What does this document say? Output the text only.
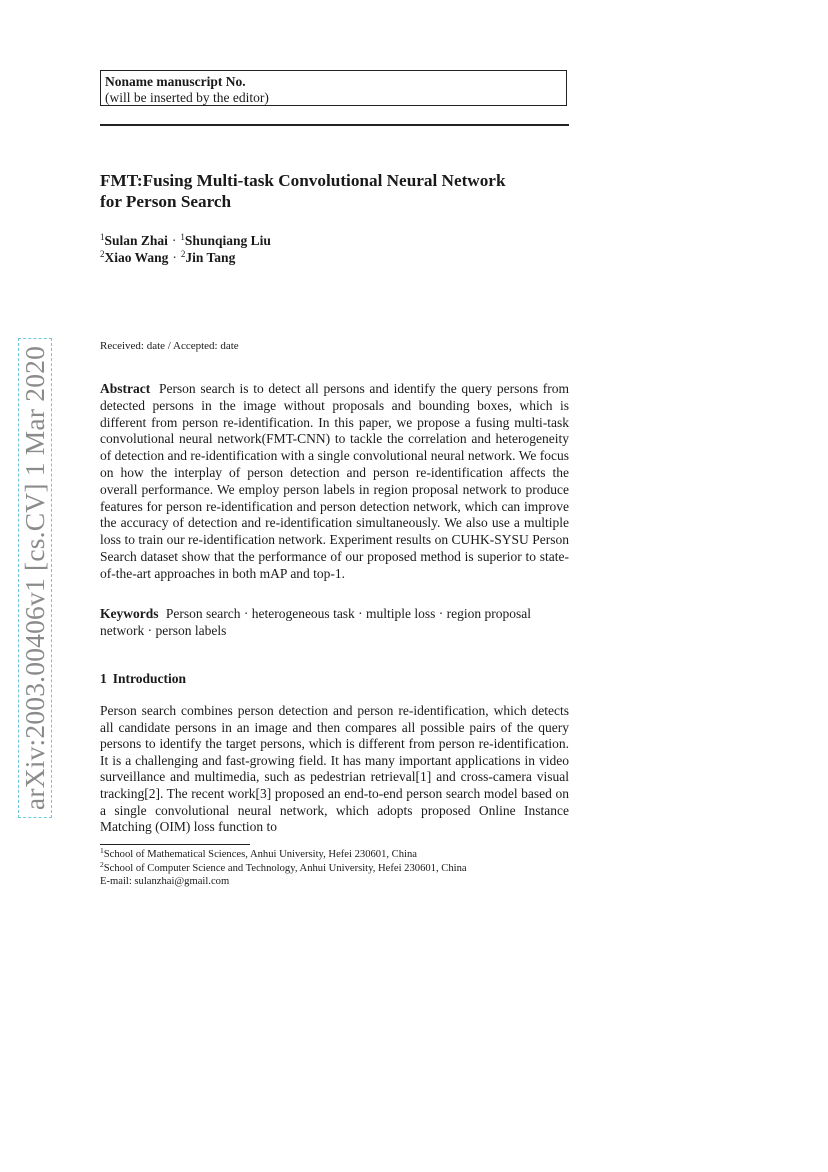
arXiv:2003.00406v1 [cs.CV] 1 Mar 2020
Noname manuscript No.
(will be inserted by the editor)
FMT:Fusing Multi-task Convolutional Neural Network
for Person Search
$^1$Sulan Zhai · $^1$Shunqiang Liu
$^2$Xiao Wang · $^2$Jin Tang
Received: date / Accepted: date
Abstract Person search is to detect all persons and identify the query persons from detected persons in the image without proposals and bounding boxes, which is different from person re-identification. In this paper, we propose a fusing multi-task convolutional neural network(FMT-CNN) to tackle the correlation and heterogeneity of detection and re-identification with a single convolutional neural network. We focus on how the interplay of person detection and person re-identification affects the overall performance. We employ person labels in region proposal network to produce features for person re-identification and person detection network, which can improve the accuracy of detection and re-identification simultaneously. We also use a multiple loss to train our re-identification network. Experiment results on CUHK-SYSU Person Search dataset show that the performance of our proposed method is superior to state-of-the-art approaches in both mAP and top-1.
Keywords Person search · heterogeneous task · multiple loss · region proposal network · person labels
1 Introduction
Person search combines person detection and person re-identification, which detects all candidate persons in an image and then compares all possible pairs of the query persons to identify the target persons, which is different from person re-identification. It is a challenging and fast-growing field. It has many important applications in video surveillance and multimedia, such as pedestrian retrieval[1] and cross-camera visual tracking[2]. The recent work[3] proposed an end-to-end person search model based on a single convolutional neural network, which adopts proposed Online Instance Matching (OIM) loss function to
$^1$School of Mathematical Sciences, Anhui University, Hefei 230601, China
$^2$School of Computer Science and Technology, Anhui University, Hefei 230601, China
E-mail: sulanzhai@gmail.com
